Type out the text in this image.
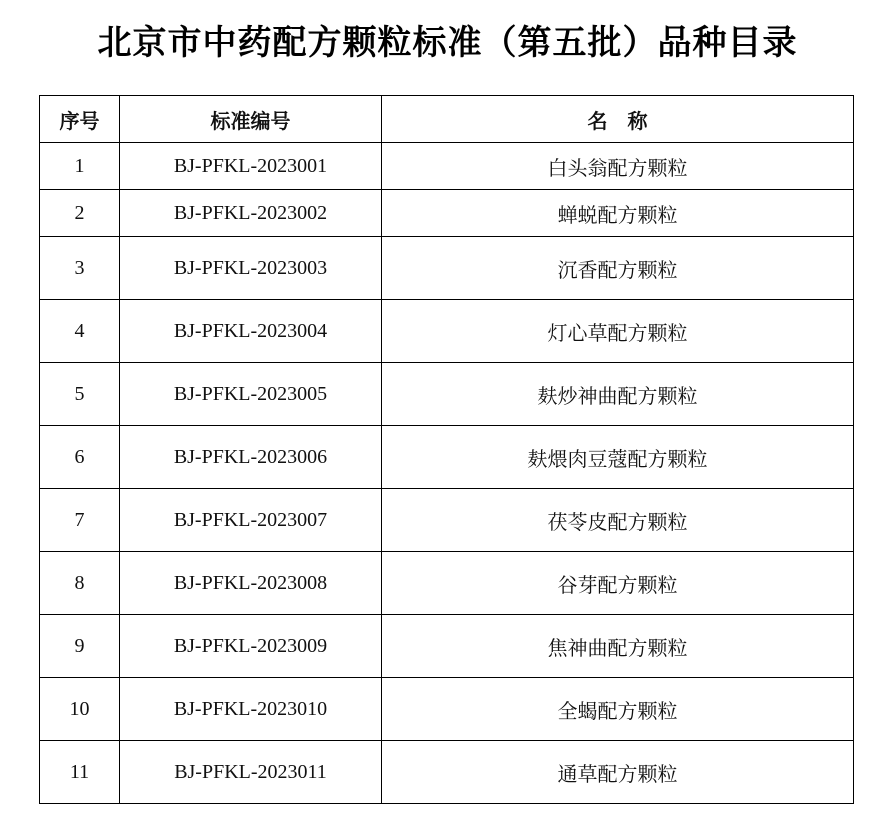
北京市中药配方颗粒标准（第五批）品种目录
序号	标准编号	名　称
1	BJ-PFKL-2023001	白头翁配方颗粒
2	BJ-PFKL-2023002	蝉蜕配方颗粒
3	BJ-PFKL-2023003	沉香配方颗粒
4	BJ-PFKL-2023004	灯心草配方颗粒
5	BJ-PFKL-2023005	麸炒神曲配方颗粒
6	BJ-PFKL-2023006	麸煨肉豆蔻配方颗粒
7	BJ-PFKL-2023007	茯苓皮配方颗粒
8	BJ-PFKL-2023008	谷芽配方颗粒
9	BJ-PFKL-2023009	焦神曲配方颗粒
10	BJ-PFKL-2023010	全蝎配方颗粒
11	BJ-PFKL-2023011	通草配方颗粒
